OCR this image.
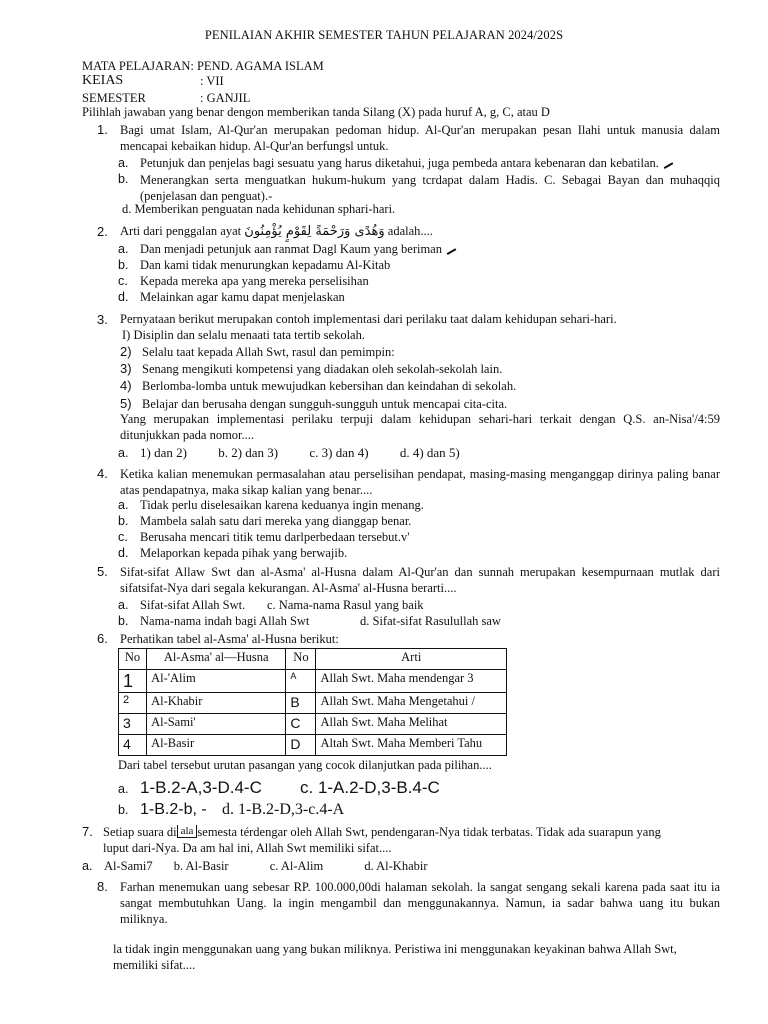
PENILAIAN AKHIR SEMESTER TAHUN PELAJARAN 2024/202S
MATA PELAJARAN: PEND. AGAMA ISLAM
KEIAS	: VII
SEMESTER	: GANJIL
Pilihlah jawaban yang benar dengon memberikan tanda Silang (X) pada huruf A, g, C, atau D
1. Bagi umat Islam, Al-Qur'an merupakan pedoman hidup. Al-Qur'an merupakan pesan Ilahi untuk manusia dalam mencapai kebaikan hidup. Al-Qur'an berfungsl untuk.
a. Petunjuk dan penjelas bagi sesuatu yang harus diketahui, juga pembeda antara kebenaran dan kebatilan.
b. Menerangkan serta menguatkan hukum-hukum yang tcrdapat dalam Hadis. C. Sebagai Bayan dan muhaqqiq (penjelasan dan penguat).-
d. Memberikan penguatan nada kehidunan sphari-hari.
2. Arti dari penggalan ayat وَهُدًى وَرَحْمَةً لِقَوْمٍ يُؤْمِنُونَ adalah....
a. Dan menjadi petunjuk aan ranmat Dagl Kaum yang beriman
b. Dan kami tidak menurungkan kepadamu Al-Kitab
c. Kepada mereka apa yang mereka perselisihan
d. Melainkan agar kamu dapat menjelaskan
3. Pernyataan berikut merupakan contoh implementasi dari perilaku taat dalam kehidupan sehari-hari.
I) Disiplin dan selalu menaati tata tertib sekolah.
2) Selalu taat kepada Allah Swt, rasul dan pemimpin:
3) Senang mengikuti kompetensi yang diadakan oleh sekolah-sekolah lain.
4) Berlomba-lomba untuk mewujudkan kebersihan dan keindahan di sekolah.
5) Belajar dan berusaha dengan sungguh-sungguh untuk mencapai cita-cita.
Yang merupakan implementasi perilaku terpuji dalam kehidupan sehari-hari terkait dengan Q.S. an-Nisa'/4:59 ditunjukkan pada nomor....
a. 1) dan 2) b. 2) dan 3) c. 3) dan 4) d. 4) dan 5)
4. Ketika kalian menemukan permasalahan atau perselisihan pendapat, masing-masing menganggap dirinya paling banar atas pendapatnya, maka sikap kalian yang benar....
a. Tidak perlu diselesaikan karena keduanya ingin menang.
b. Mambela salah satu dari mereka yang dianggap benar.
c. Berusaha mencari titik temu darlperbedaan tersebut.v'
d. Melaporkan kepada pihak yang berwajib.
5. Sifat-sifat Allaw Swt dan al-Asma' al-Husna dalam Al-Qur'an dan sunnah merupakan kesempurnaan mutlak dari sifatsifat-Nya dari segala kekurangan. Al-Asma' al-Husna berarti....
a. Sifat-sifat Allah Swt. c. Nama-nama Rasul yang baik
b. Nama-nama indah bagi Allah Swt	d. Sifat-sifat Rasulullah saw
6. Perhatikan tabel al-Asma' al-Husna berikut:
No	Al-Asma' al—Husna	No	Arti
1	Al-'Alim	A	Allah Swt. Maha mendengar 3
2	Al-Khabir	B	Allah Swt. Maha Mengetahui /
3	Al-Sami'	C	Allah Swt. Maha Melihat
4	Al-Basir	D	Altah Swt. Maha Memberi Tahu
Dari tabel tersebut urutan pasangan yang cocok dilanjutkan pada pilihan....
a. 1-B.2-A,3-D.4-C c. 1-A.2-D,3-B.4-C
b. 1-B.2-b, - d. 1-B.2-D,3-c.4-A
7. Setiap suara di ala semesta térdengar oleh Allah Swt, pendengaran-Nya tidak terbatas. Tidak ada suarapun yang
luput dari-Nya. Da am hal ini, Allah Swt memiliki sifat....
a. Al-Sami7 b. Al-Basir	c. Al-Alim	d. Al-Khabir
8. Farhan menemukan uang sebesar RP. 100.000,00di halaman sekolah. la sangat sengang sekali karena pada saat itu ia sangat membutuhkan Uang. la ingin mengambil dan menggunakannya. Namun, ia sadar bahwa uang itu bukan miliknya.
la tidak ingin menggunakan uang yang bukan miliknya. Peristiwa ini menggunakan keyakinan bahwa Allah Swt, memiliki sifat....
